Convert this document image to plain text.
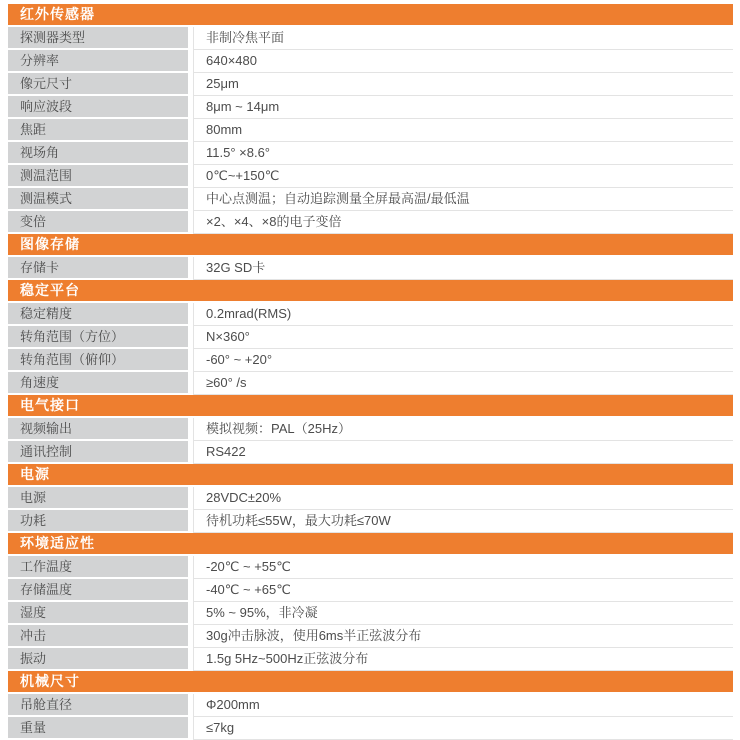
红外传感器
探测器类型	非制冷焦平面
分辨率	640×480
像元尺寸	25μm
响应波段	8μm ~ 14μm
焦距	80mm
视场角	11.5° ×8.6°
测温范围	0℃~+150℃
测温模式	中心点测温；自动追踪测量全屏最高温/最低温
变倍	×2、×4、×8的电子变倍
图像存储
存储卡	32G SD卡
稳定平台
稳定精度	0.2mrad(RMS)
转角范围（方位）	N×360°
转角范围（俯仰）	-60° ~ +20°
角速度	≥60° /s
电气接口
视频输出	模拟视频：PAL（25Hz）
通讯控制	RS422
电源
电源	28VDC±20%
功耗	待机功耗≤55W，最大功耗≤70W
环境适应性
工作温度	-20℃ ~ +55℃
存储温度	-40℃ ~ +65℃
湿度	5% ~ 95%，非冷凝
冲击	30g冲击脉波，使用6ms半正弦波分布
振动	1.5g 5Hz~500Hz正弦波分布
机械尺寸
吊舱直径	Φ200mm
重量	≤7kg
